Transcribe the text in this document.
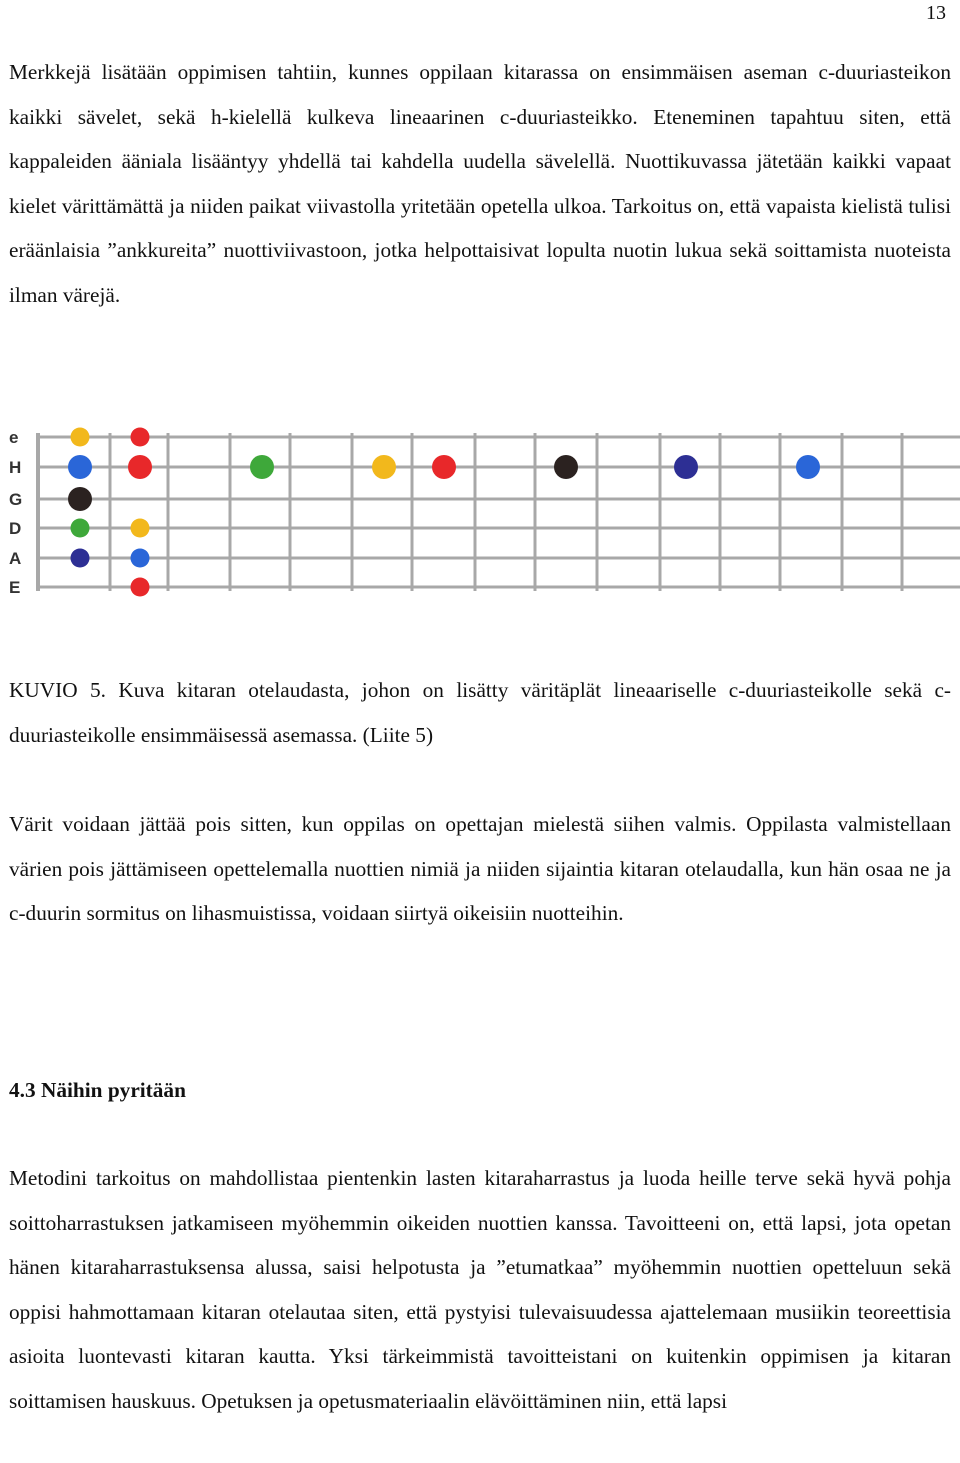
13

Merkkejä lisätään oppimisen tahtiin, kunnes oppilaan kitarassa on ensimmäisen aseman c-duuriasteikon kaikki sävelet, sekä h-kielellä kulkeva lineaarinen c-duuriasteikko. Eteneminen tapahtuu siten, että kappaleiden ääniala lisääntyy yhdellä tai kahdella uudella sävelellä. Nuottikuvassa jätetään kaikki vapaat kielet värittämättä ja niiden paikat viivastolla yritetään opetella ulkoa. Tarkoitus on, että vapaista kielistä tulisi eräänlaisia ”ankkureita” nuottiviivastoon, jotka helpottaisivat lopulta nuotin lukua sekä soittamista nuoteista ilman värejä.

e
H
G
D
A
E

KUVIO 5. Kuva kitaran otelaudasta, johon on lisätty väritäplät lineaariselle c-duuriasteikolle sekä c-duuriasteikolle ensimmäisessä asemassa. (Liite 5)

Värit voidaan jättää pois sitten, kun oppilas on opettajan mielestä siihen valmis. Oppilasta valmistellaan värien pois jättämiseen opettelemalla nuottien nimiä ja niiden sijaintia kitaran otelaudalla, kun hän osaa ne ja c-duurin sormitus on lihasmuistissa, voidaan siirtyä oikeisiin nuotteihin.

4.3 Näihin pyritään

Metodini tarkoitus on mahdollistaa pientenkin lasten kitaraharrastus ja luoda heille terve sekä hyvä pohja soittoharrastuksen jatkamiseen myöhemmin oikeiden nuottien kanssa. Tavoitteeni on, että lapsi, jota opetan hänen kitaraharrastuksensa alussa, saisi helpotusta ja ”etumatkaa” myöhemmin nuottien opetteluun sekä oppisi hahmottamaan kitaran otelautaa siten, että pystyisi tulevaisuudessa ajattelemaan musiikin teoreettisia asioita luontevasti kitaran kautta. Yksi tärkeimmistä tavoitteistani on kuitenkin oppimisen ja kitaran soittamisen hauskuus. Opetuksen ja opetusmateriaalin elävöittäminen niin, että lapsi
